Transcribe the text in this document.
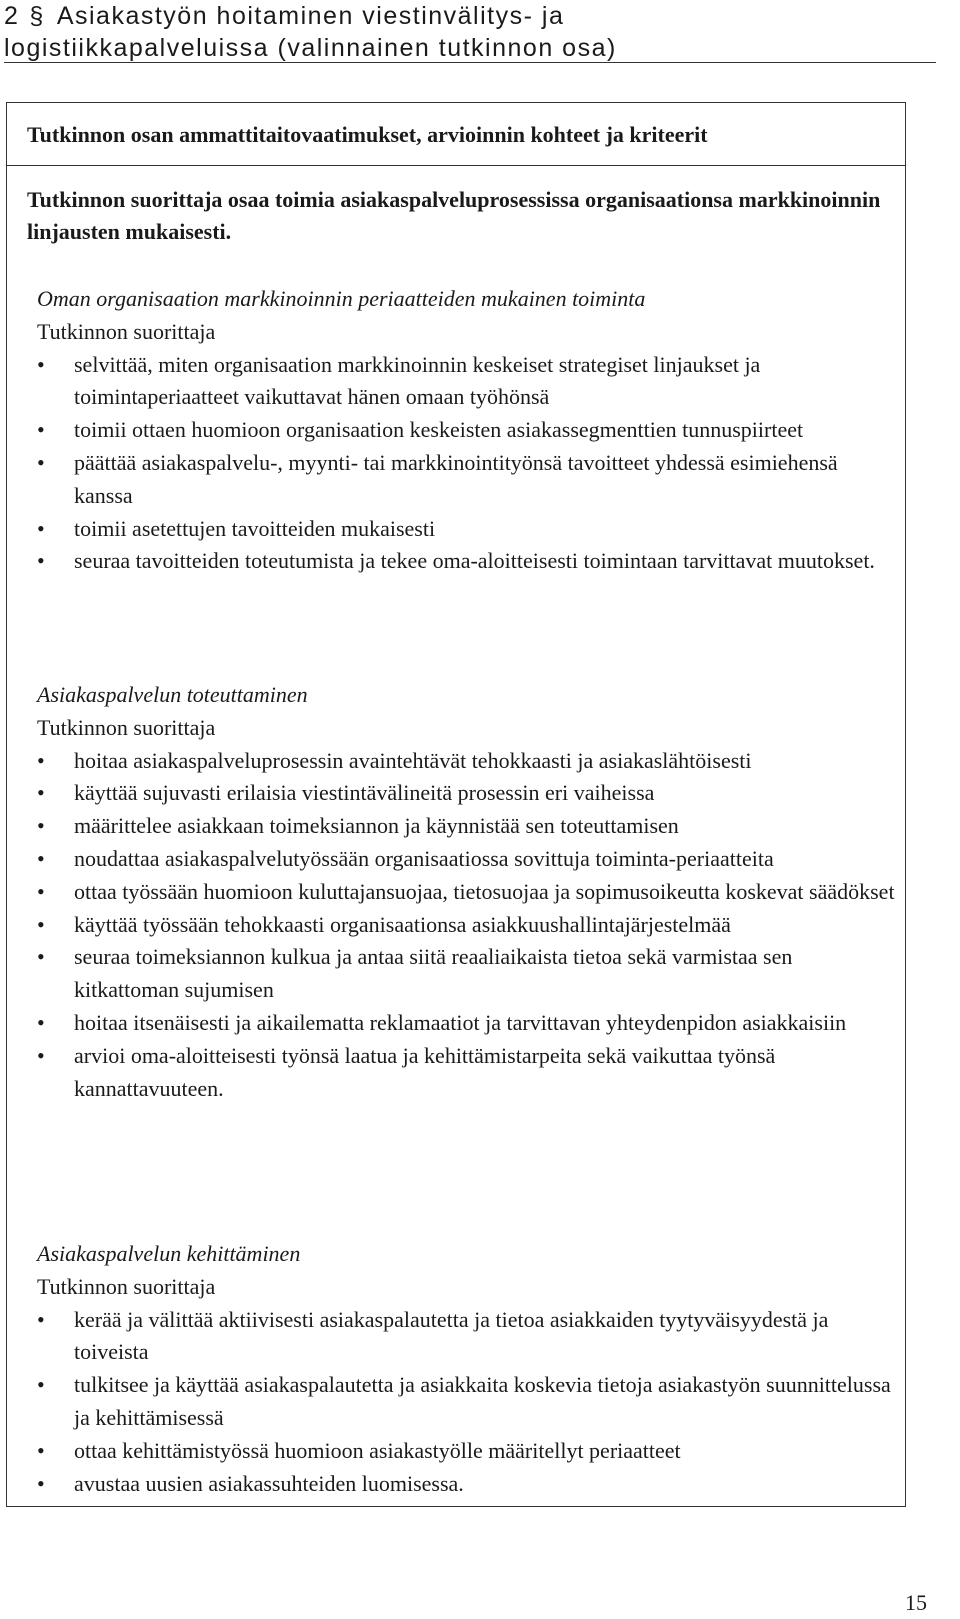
2 § Asiakastyön hoitaminen viestinvälitys- ja
logistiikkapalveluissa (valinnainen tutkinnon osa)
Tutkinnon osan ammattitaitovaatimukset, arvioinnin kohteet ja kriteerit
Tutkinnon suorittaja osaa toimia asiakaspalveluprosessissa organisaationsa markkinoinnin linjausten mukaisesti.
Oman organisaation markkinoinnin periaatteiden mukainen toiminta
Tutkinnon suorittaja
• selvittää, miten organisaation markkinoinnin keskeiset strategiset linjaukset ja toimintaperiaatteet vaikuttavat hänen omaan työhönsä
• toimii ottaen huomioon organisaation keskeisten asiakassegmenttien tunnuspiirteet
• päättää asiakaspalvelu-, myynti- tai markkinointityönsä tavoitteet yhdessä esimiehensä kanssa
• toimii asetettujen tavoitteiden mukaisesti
• seuraa tavoitteiden toteutumista ja tekee oma-aloitteisesti toimintaan tarvittavat muutokset.
Asiakaspalvelun toteuttaminen
Tutkinnon suorittaja
• hoitaa asiakaspalveluprosessin avaintehtävät tehokkaasti ja asiakaslähtöisesti
• käyttää sujuvasti erilaisia viestintävälineitä prosessin eri vaiheissa
• määrittelee asiakkaan toimeksiannon ja käynnistää sen toteuttamisen
• noudattaa asiakaspalvelutyössään organisaatiossa sovittuja toiminta-periaatteita
• ottaa työssään huomioon kuluttajansuojaa, tietosuojaa ja sopimusoikeutta koskevat säädökset
• käyttää työssään tehokkaasti organisaationsa asiakkuushallintajärjestelmää
• seuraa toimeksiannon kulkua ja antaa siitä reaaliaikaista tietoa sekä varmistaa sen kitkattoman sujumisen
• hoitaa itsenäisesti ja aikailematta reklamaatiot ja tarvittavan yhteydenpidon asiakkaisiin
• arvioi oma-aloitteisesti työnsä laatua ja kehittämistarpeita sekä vaikuttaa työnsä kannattavuuteen.
Asiakaspalvelun kehittäminen
Tutkinnon suorittaja
• kerää ja välittää aktiivisesti asiakaspalautetta ja tietoa asiakkaiden tyytyväisyydestä ja toiveista
• tulkitsee ja käyttää asiakaspalautetta ja asiakkaita koskevia tietoja asiakastyön suunnittelussa ja kehittämisessä
• ottaa kehittämistyössä huomioon asiakastyölle määritellyt periaatteet
• avustaa uusien asiakassuhteiden luomisessa.
15
